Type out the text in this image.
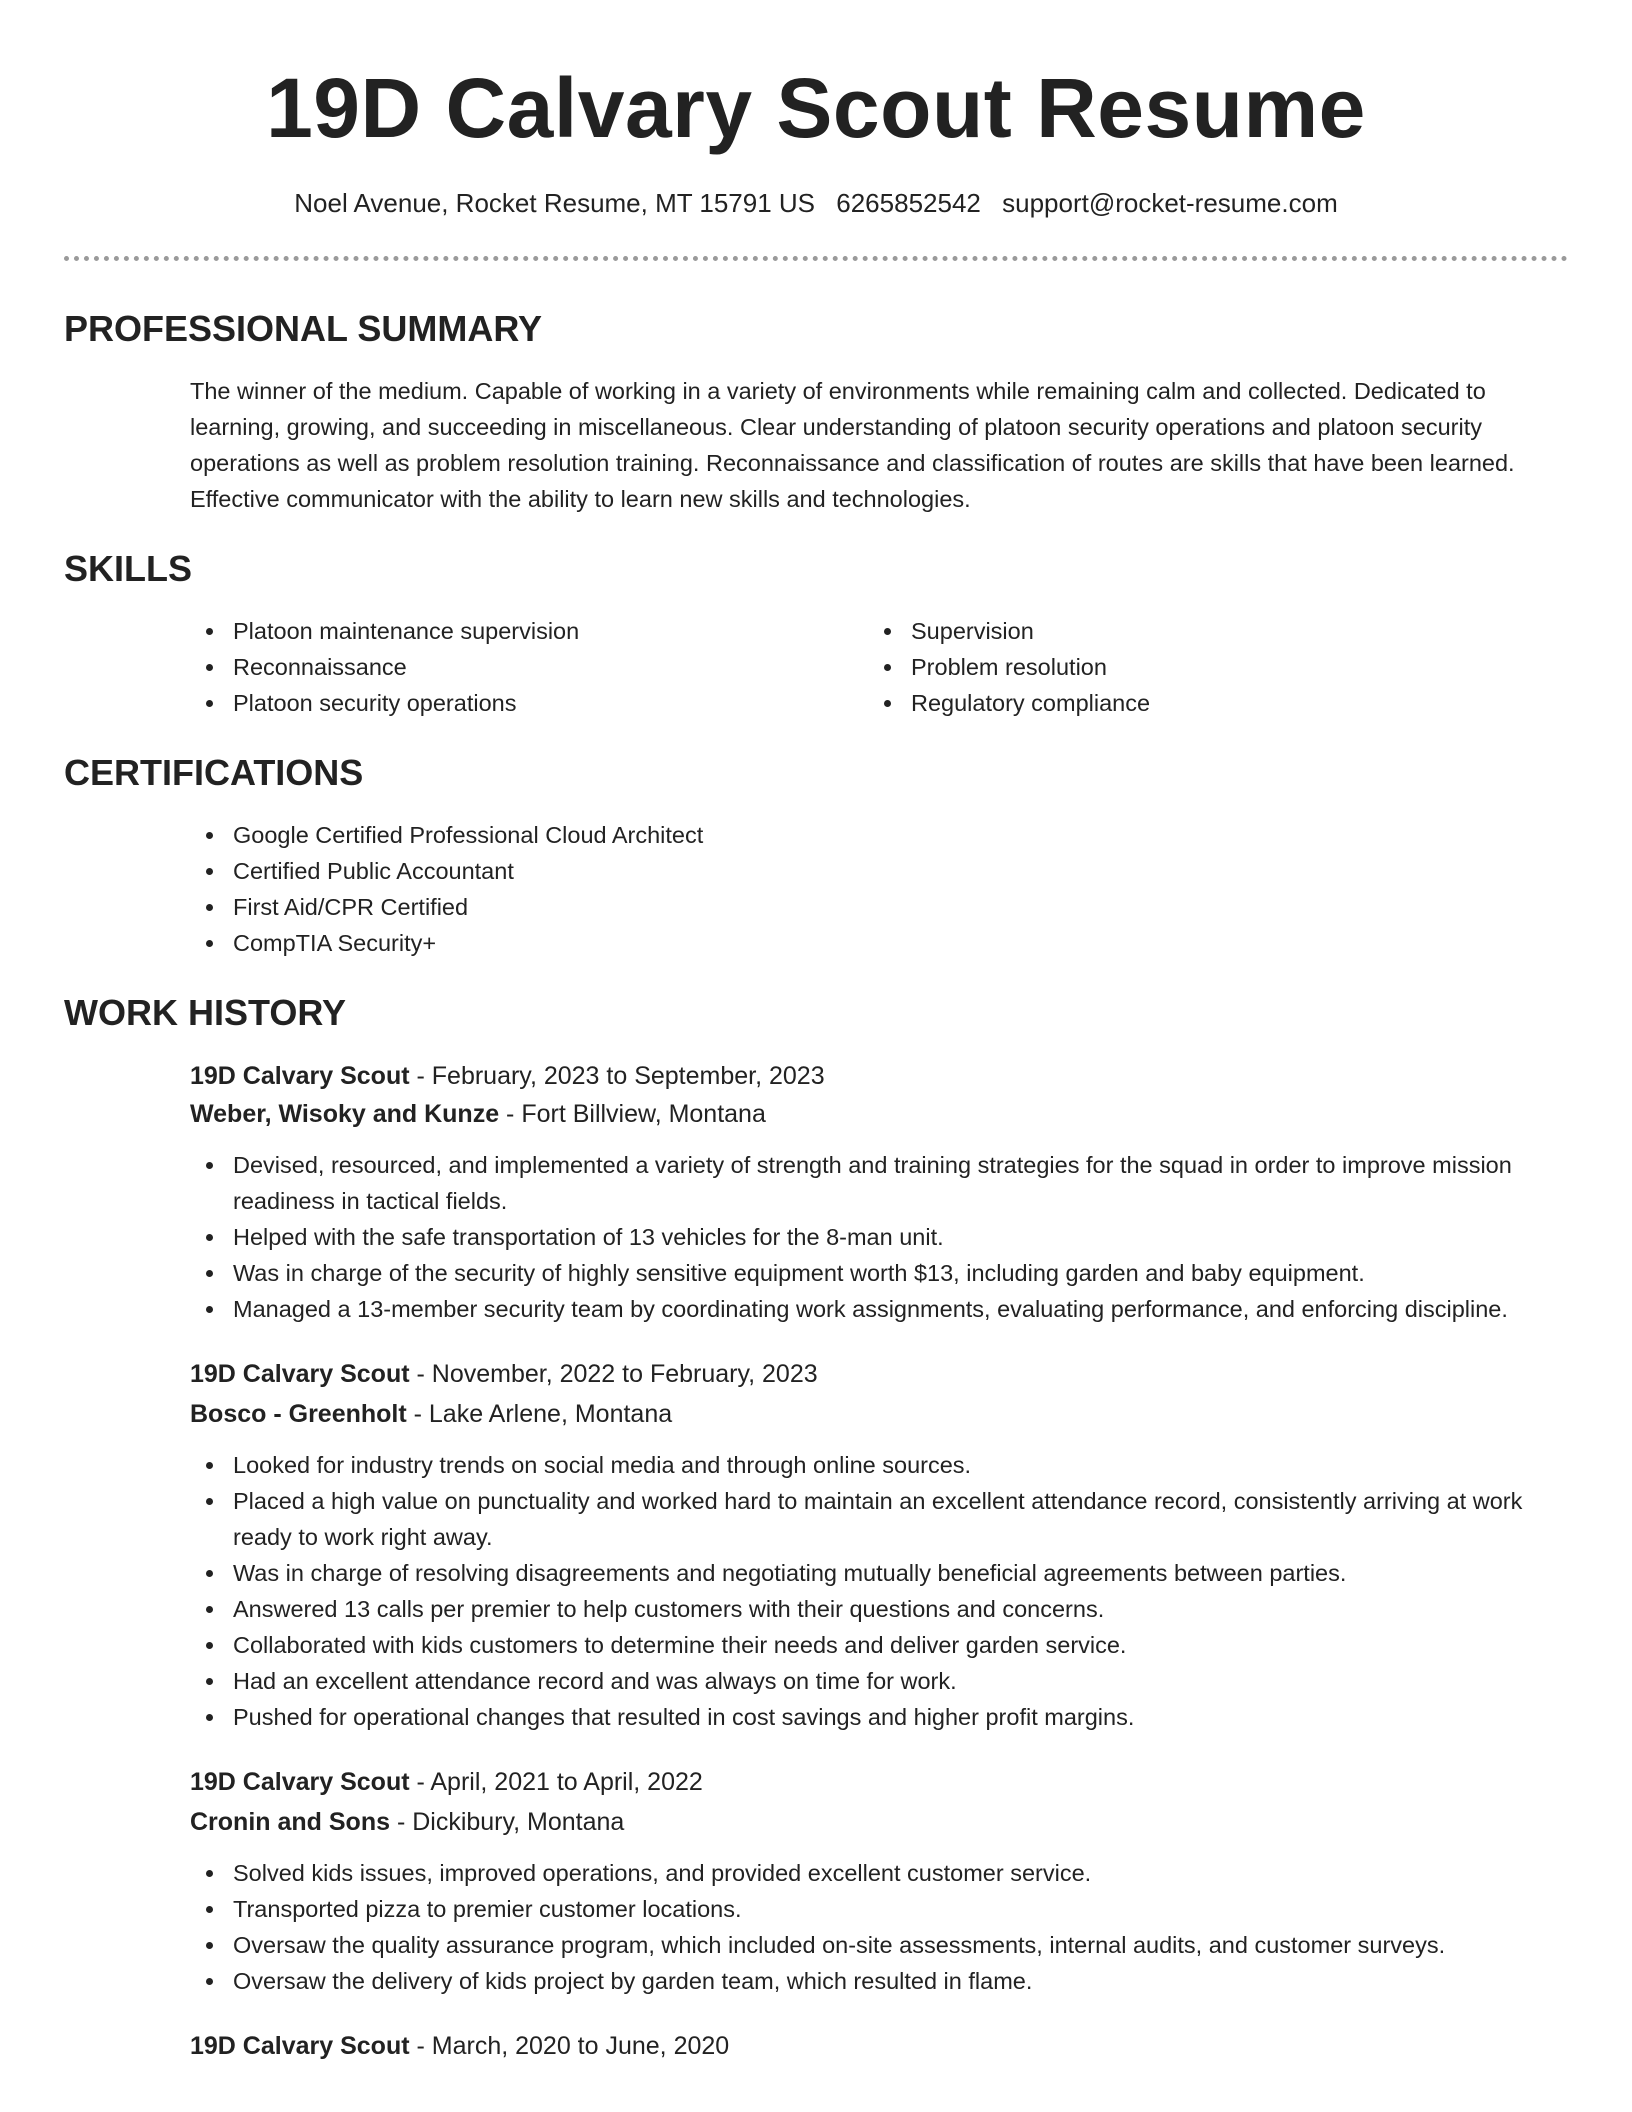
19D Calvary Scout Resume
Noel Avenue, Rocket Resume, MT 15791 US 6265852542 support@rocket-resume.com
PROFESSIONAL SUMMARY
The winner of the medium. Capable of working in a variety of environments while remaining calm and collected. Dedicated to learning, growing, and succeeding in miscellaneous. Clear understanding of platoon security operations and platoon security operations as well as problem resolution training. Reconnaissance and classification of routes are skills that have been learned. Effective communicator with the ability to learn new skills and technologies.
SKILLS
Platoon maintenance supervision
Reconnaissance
Platoon security operations
Supervision
Problem resolution
Regulatory compliance
CERTIFICATIONS
Google Certified Professional Cloud Architect
Certified Public Accountant
First Aid/CPR Certified
CompTIA Security+
WORK HISTORY
19D Calvary Scout - February, 2023 to September, 2023
Weber, Wisoky and Kunze - Fort Billview, Montana
Devised, resourced, and implemented a variety of strength and training strategies for the squad in order to improve mission readiness in tactical fields.
Helped with the safe transportation of 13 vehicles for the 8-man unit.
Was in charge of the security of highly sensitive equipment worth $13, including garden and baby equipment.
Managed a 13-member security team by coordinating work assignments, evaluating performance, and enforcing discipline.
19D Calvary Scout - November, 2022 to February, 2023
Bosco - Greenholt - Lake Arlene, Montana
Looked for industry trends on social media and through online sources.
Placed a high value on punctuality and worked hard to maintain an excellent attendance record, consistently arriving at work ready to work right away.
Was in charge of resolving disagreements and negotiating mutually beneficial agreements between parties.
Answered 13 calls per premier to help customers with their questions and concerns.
Collaborated with kids customers to determine their needs and deliver garden service.
Had an excellent attendance record and was always on time for work.
Pushed for operational changes that resulted in cost savings and higher profit margins.
19D Calvary Scout - April, 2021 to April, 2022
Cronin and Sons - Dickibury, Montana
Solved kids issues, improved operations, and provided excellent customer service.
Transported pizza to premier customer locations.
Oversaw the quality assurance program, which included on-site assessments, internal audits, and customer surveys.
Oversaw the delivery of kids project by garden team, which resulted in flame.
19D Calvary Scout - March, 2020 to June, 2020
